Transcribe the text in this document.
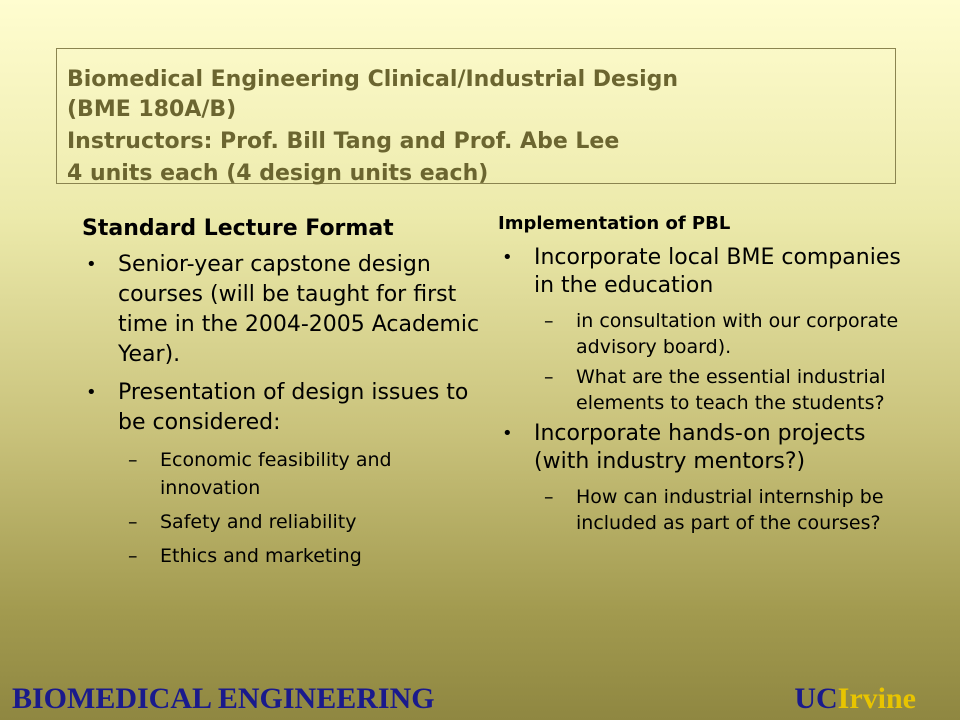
Biomedical Engineering Clinical/Industrial Design
(BME 180A/B)
Instructors: Prof. Bill Tang and Prof. Abe Lee
4 units each (4 design units each)
Standard Lecture Format
• Senior-year capstone design courses (will be taught for first time in the 2004-2005 Academic Year).
• Presentation of design issues to be considered:
– Economic feasibility and innovation
– Safety and reliability
– Ethics and marketing
Implementation of PBL
• Incorporate local BME companies in the education
– in consultation with our corporate advisory board).
– What are the essential industrial elements to teach the students?
• Incorporate hands-on projects (with industry mentors?)
– How can industrial internship be included as part of the courses?
BIOMEDICAL ENGINEERING	UCIrvine
